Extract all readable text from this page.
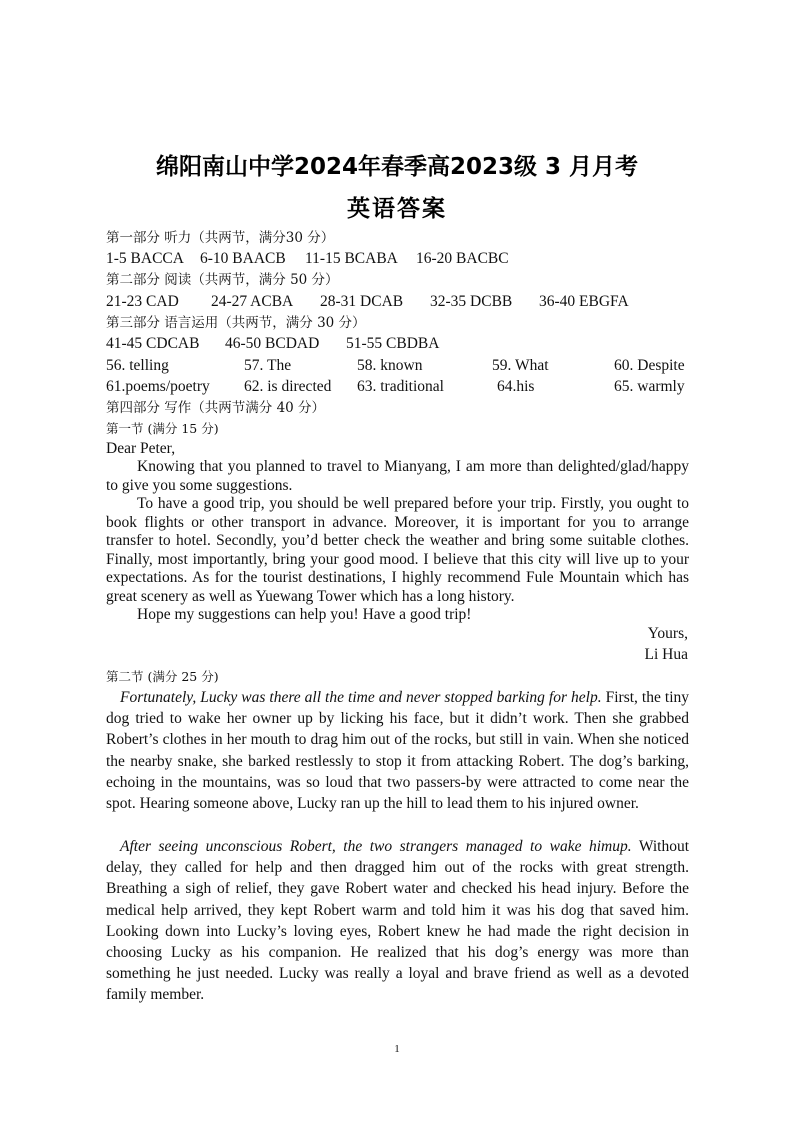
绵阳南山中学2024年春季高2023级 3 月月考
英语答案
第一部分 听力（共两节，满分30 分）
1-5 BACCA 6-10 BAACB 11-15 BCABA 16-20 BACBC
第二部分 阅读（共两节，满分 50 分）
21-23 CAD 24-27 ACBA 28-31 DCAB 32-35 DCBB 36-40 EBGFA
第三部分 语言运用（共两节，满分 30 分）
41-45 CDCAB 46-50 BCDAD 51-55 CBDBA
56. telling	57. The	58. known	59. What	60. Despite
61.poems/poetry 62. is directed 63. traditional	64.his	65. warmly
第四部分 写作（共两节满分 40 分）
第一节 (满分 15 分)
Dear Peter,

Knowing that you planned to travel to Mianyang, I am more than delighted/glad/happy to give you some suggestions.

To have a good trip, you should be well prepared before your trip. Firstly, you ought to book flights or other transport in advance. Moreover, it is important for you to arrange transfer to hotel. Secondly, you’d better check the weather and bring some suitable clothes. Finally, most importantly, bring your good mood. I believe that this city will live up to your expectations. As for the tourist destinations, I highly recommend Fule Mountain which has great scenery as well as Yuewang Tower which has a long history.

Hope my suggestions can help you! Have a good trip!

Yours,
Li Hua
第二节 (满分 25 分)
Fortunately, Lucky was there all the time and never stopped barking for help. First, the tiny dog tried to wake her owner up by licking his face, but it didn’t work. Then she grabbed Robert’s clothes in her mouth to drag him out of the rocks, but still in vain. When she noticed the nearby snake, she barked restlessly to stop it from attacking Robert. The dog’s barking, echoing in the mountains, was so loud that two passers-by were attracted to come near the spot. Hearing someone above, Lucky ran up the hill to lead them to his injured owner.
After seeing unconscious Robert, the two strangers managed to wake himup. Without delay, they called for help and then dragged him out of the rocks with great strength. Breathing a sigh of relief, they gave Robert water and checked his head injury. Before the medical help arrived, they kept Robert warm and told him it was his dog that saved him. Looking down into Lucky’s loving eyes, Robert knew he had made the right decision in choosing Lucky as his companion. He realized that his dog’s energy was more than something he just needed. Lucky was really a loyal and brave friend as well as a devoted family member.
1
